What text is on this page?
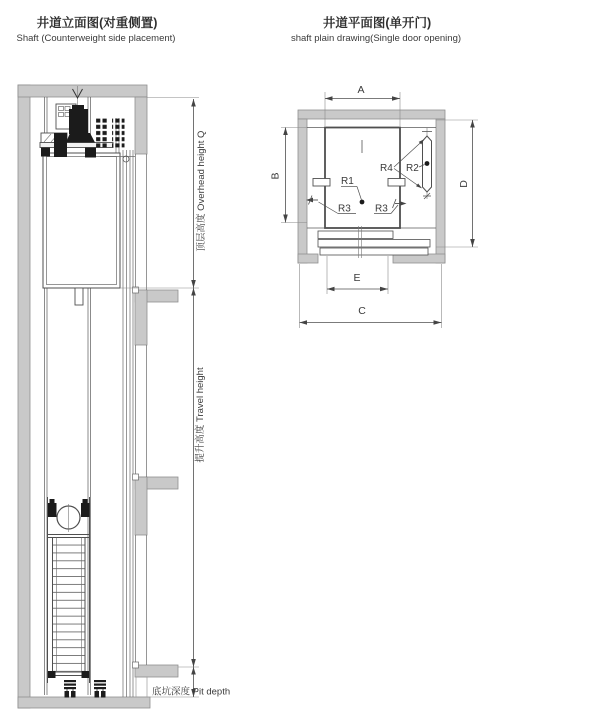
井道立面图(对重侧置)
Shaft (Counterweight side placement)
井道平面图(单开门)
shaft plain drawing(Single door opening)
顶层高度 Overhead height Q
提升高度 Travel height
底坑深度 Pit depth
R1
R3 R3
R4 R2
A
B
D
E
C
